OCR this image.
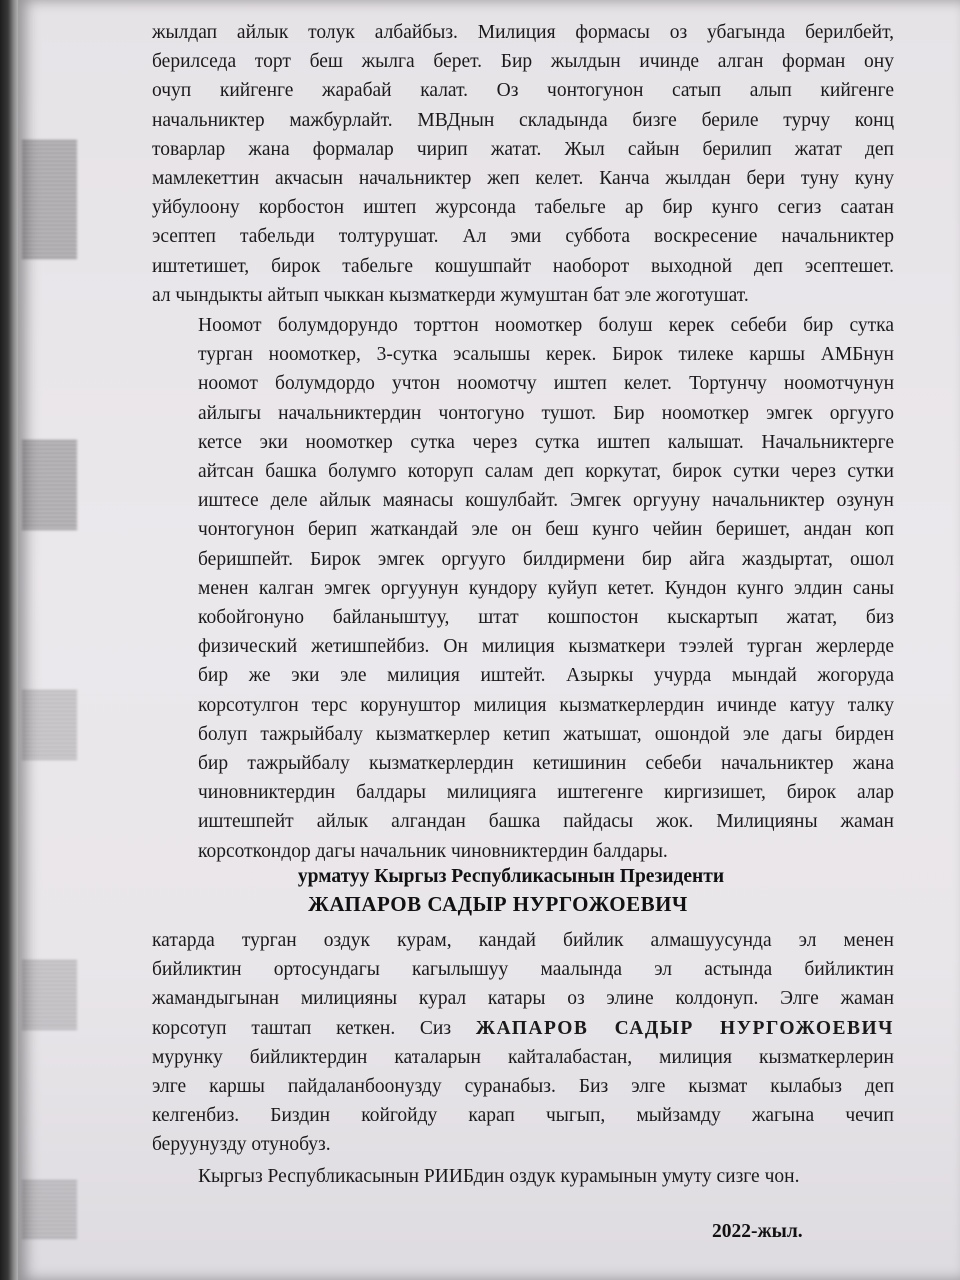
жылдап айлык толук албайбыз. Милиция формасы оз убагында берилбейт,
берилседа торт беш жылга берет. Бир жылдын ичинде алган форман ону
очуп кийгенге жарабай калат. Оз чонтогунон сатып алып кийгенге
начальниктер мажбурлайт. МВДнын складында бизге бериле турчу конц
товарлар жана формалар чирип жатат. Жыл сайын берилип жатат деп
мамлекеттин акчасын начальниктер жеп келет. Канча жылдан бери туну куну
уйбулоону корбостон иштеп журсонда табельге ар бир кунго сегиз саатан
эсептеп табельди толтурушат. Ал эми суббота воскресение начальниктер
иштетишет, бирок табельге кошушпайт наоборот выходной деп эсептешет.
ал чындыкты айтып чыккан кызматкерди жумуштан бат эле жоготушат.
Ноомот болумдорундо торттон ноомоткер болуш керек себеби бир сутка
турган ноомоткер, 3-сутка эсалышы керек. Бирок тилеке каршы АМБнун
ноомот болумдордо учтон ноомотчу иштеп келет. Тортунчу ноомотчунун
айлыгы начальниктердин чонтогуно тушот. Бир ноомоткер эмгек оргууго
кетсе эки ноомоткер сутка через сутка иштеп калышат. Начальниктерге
айтсан башка болумго которуп салам деп коркутат, бирок сутки через сутки
иштесе деле айлык маянасы кошулбайт. Эмгек оргууну начальниктер озунун
чонтогунон берип жаткандай эле он беш кунго чейин беришет, андан коп
беришпейт. Бирок эмгек оргууго билдирмени бир айга жаздыртат, ошол
менен калган эмгек оргуунун кундору куйуп кетет. Кундон кунго элдин саны
кобойгонуно байланыштуу, штат кошпостон кыскартып жатат, биз
физический жетишпейбиз. Он милиция кызматкери тээлей турган жерлерде
бир же эки эле милиция иштейт. Азыркы учурда мындай жогоруда
корсотулгон терс корунуштор милиция кызматкерлердин ичинде катуу талку
болуп тажрыйбалу кызматкерлер кетип жатышат, ошондой эле дагы бирден
бир тажрыйбалу кызматкерлердин кетишинин себеби начальниктер жана
чиновниктердин балдары милицияга иштегенге киргизишет, бирок алар
иштешпейт айлык алгандан башка пайдасы жок. Милицияны жаман
корсоткондор дагы начальник чиновниктердин балдары.
урматуу Кыргыз Республикасынын Президенти
ЖАПАРОВ САДЫР НУРГОЖОЕВИЧ
катарда турган оздук курам, кандай бийлик алмашуусунда эл менен
бийликтин ортосундагы кагылышуу маалында эл астында бийликтин
жамандыгынан милицияны курал катары оз элине колдонуп. Элге жаман
корсотуп таштап кеткен. Сиз ЖАПАРОВ САДЫР НУРГОЖОЕВИЧ
мурунку бийликтердин каталарын кайталабастан, милиция кызматкерлерин
элге каршы пайдаланбоонузду суранабыз. Биз элге кызмат кылабыз деп
келгенбиз. Биздин койгойду карап чыгып, мыйзамду жагына чечип
беруунузду отунобуз.
Кыргыз Республикасынын РИИБдин оздук курамынын умуту сизге чон.
2022-жыл.
